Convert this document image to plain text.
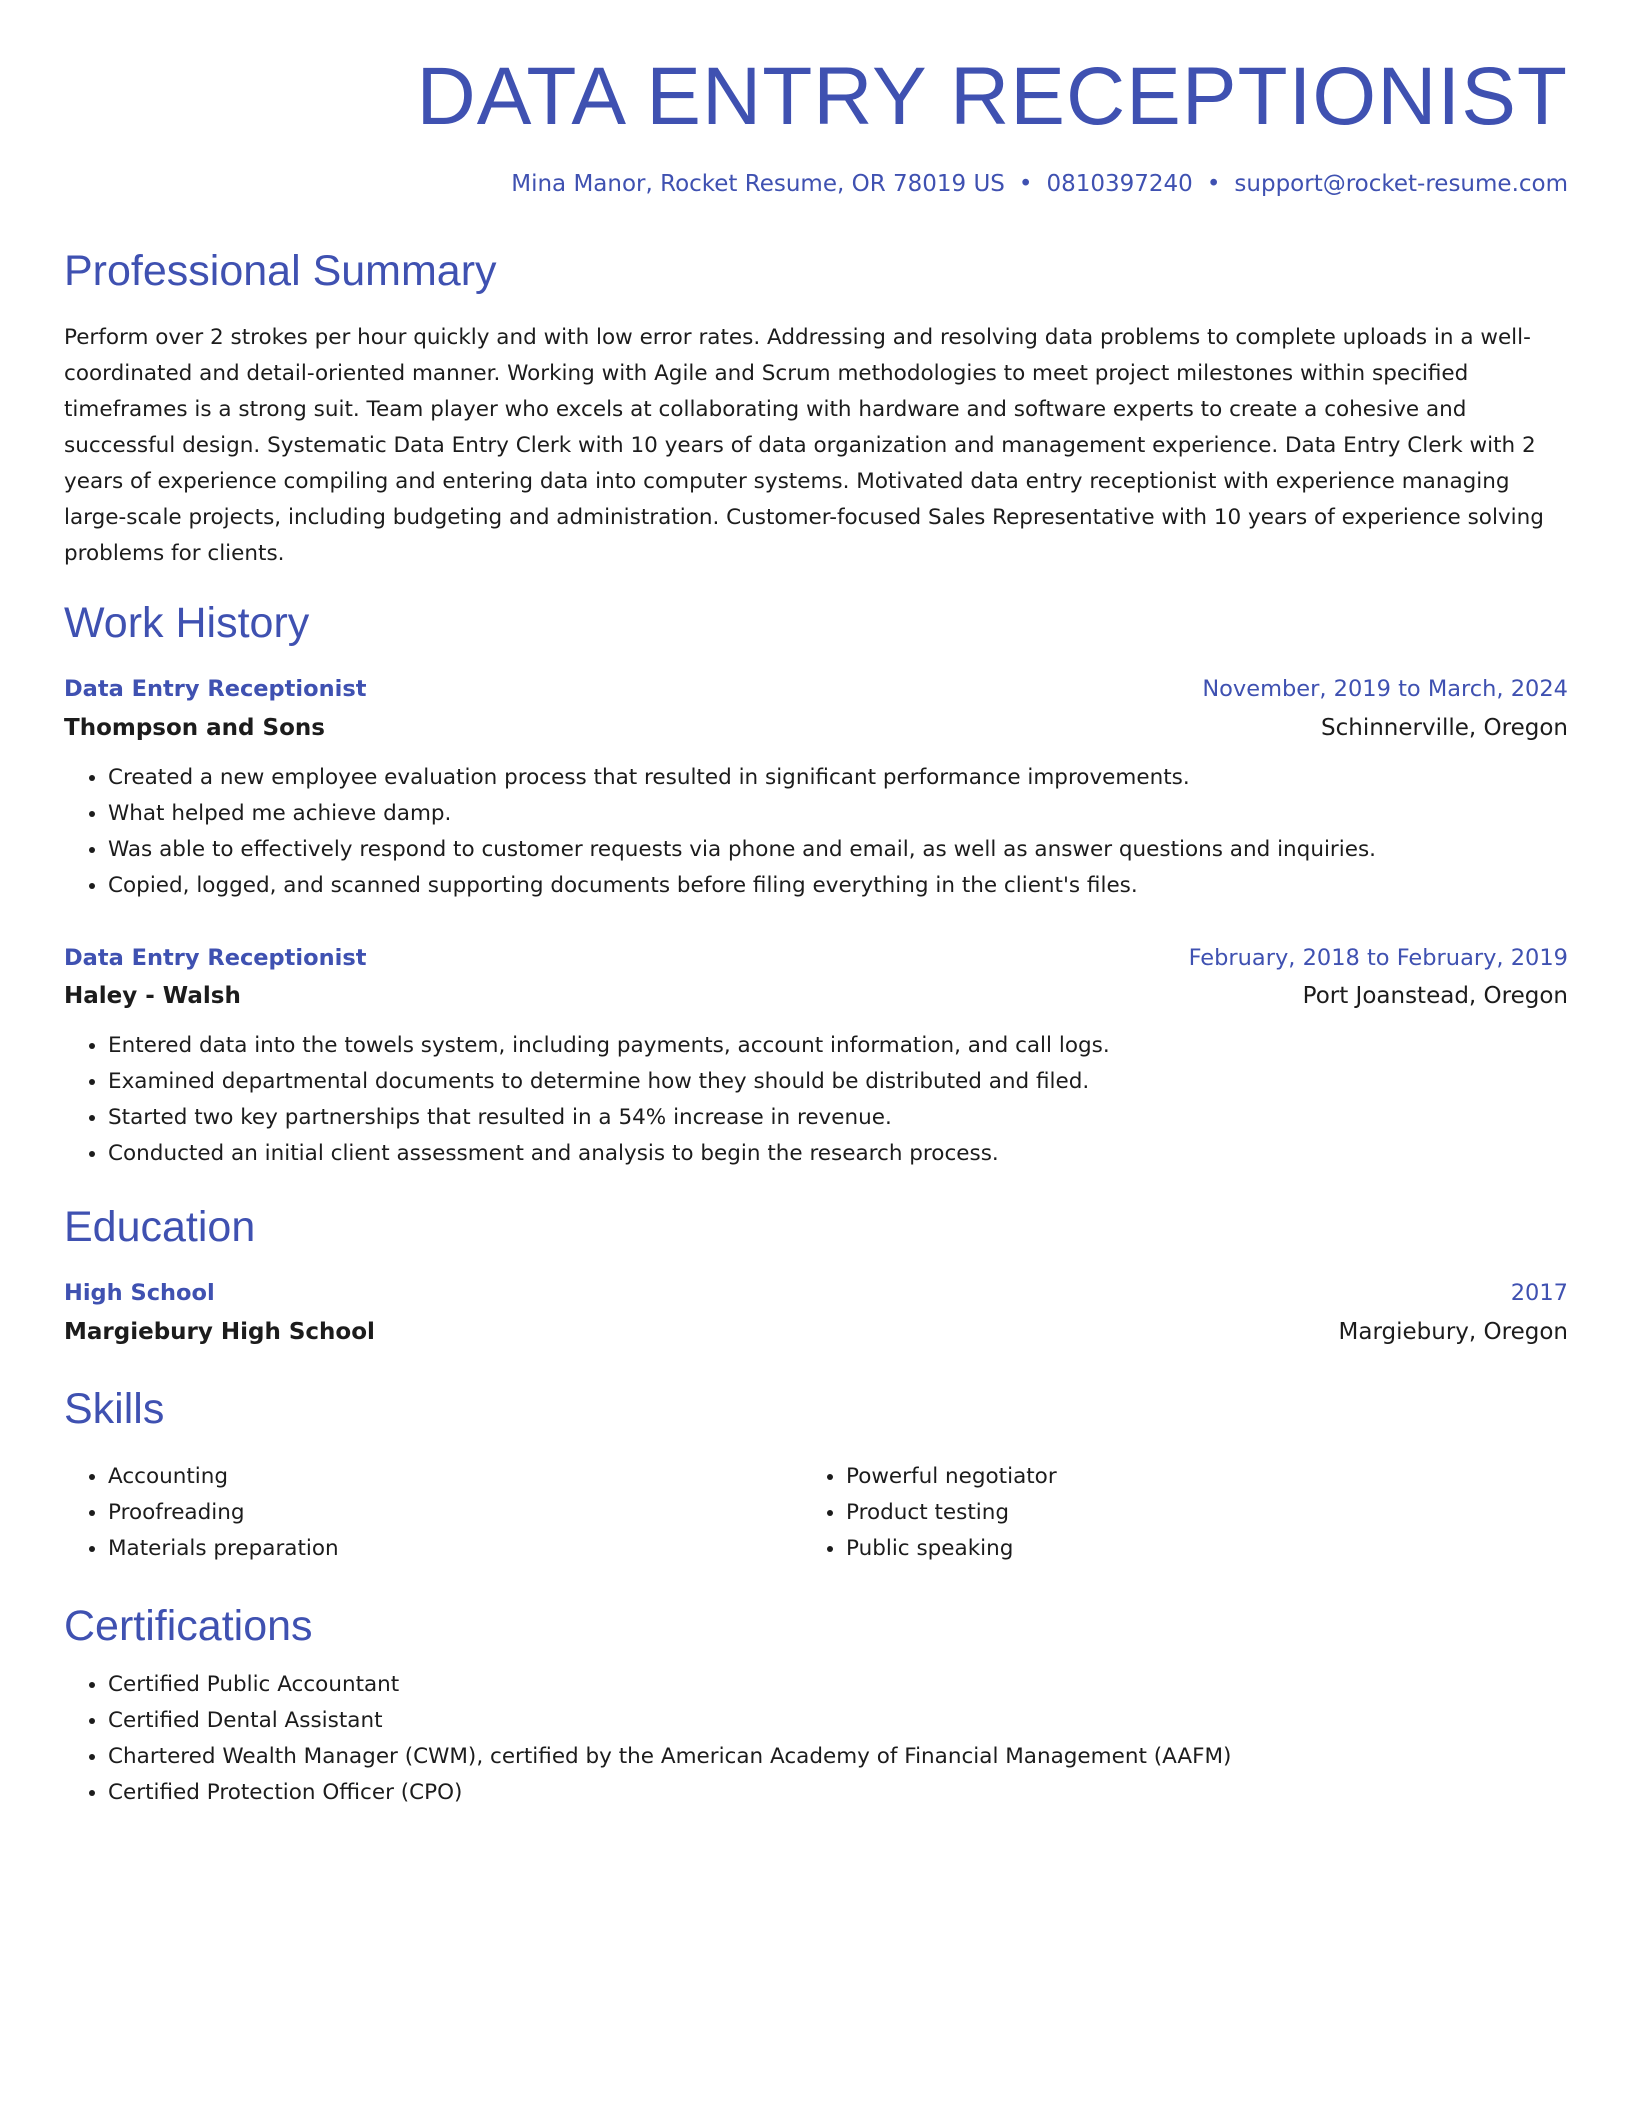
DATA ENTRY RECEPTIONIST
Mina Manor, Rocket Resume, OR 78019 US • 0810397240 • support@rocket-resume.com
Professional Summary
Perform over 2 strokes per hour quickly and with low error rates. Addressing and resolving data problems to complete uploads in a well-coordinated and detail-oriented manner. Working with Agile and Scrum methodologies to meet project milestones within specified timeframes is a strong suit. Team player who excels at collaborating with hardware and software experts to create a cohesive and successful design. Systematic Data Entry Clerk with 10 years of data organization and management experience. Data Entry Clerk with 2 years of experience compiling and entering data into computer systems. Motivated data entry receptionist with experience managing large-scale projects, including budgeting and administration. Customer-focused Sales Representative with 10 years of experience solving problems for clients.
Work History
Data Entry Receptionist	November, 2019 to March, 2024
Thompson and Sons	Schinnerville, Oregon
• Created a new employee evaluation process that resulted in significant performance improvements.
• What helped me achieve damp.
• Was able to effectively respond to customer requests via phone and email, as well as answer questions and inquiries.
• Copied, logged, and scanned supporting documents before filing everything in the client's files.
Data Entry Receptionist	February, 2018 to February, 2019
Haley - Walsh	Port Joanstead, Oregon
• Entered data into the towels system, including payments, account information, and call logs.
• Examined departmental documents to determine how they should be distributed and filed.
• Started two key partnerships that resulted in a 54% increase in revenue.
• Conducted an initial client assessment and analysis to begin the research process.
Education
High School	2017
Margiebury High School	Margiebury, Oregon
Skills
• Accounting
• Proofreading
• Materials preparation
• Powerful negotiator
• Product testing
• Public speaking
Certifications
• Certified Public Accountant
• Certified Dental Assistant
• Chartered Wealth Manager (CWM), certified by the American Academy of Financial Management (AAFM)
• Certified Protection Officer (CPO)
